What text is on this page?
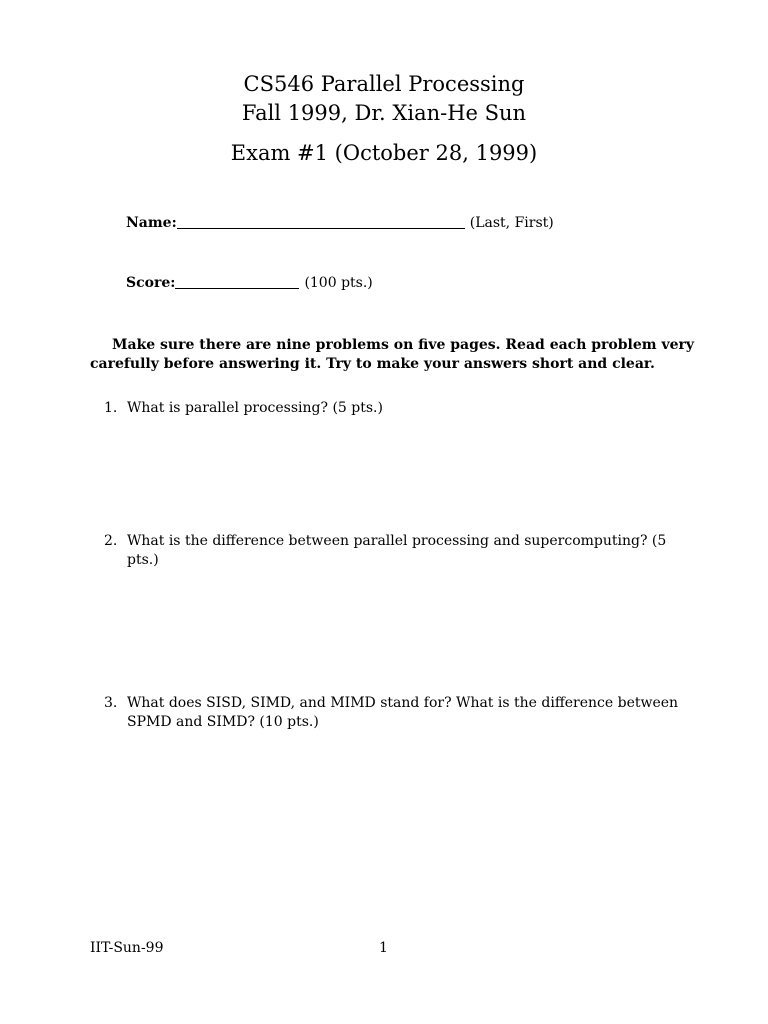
CS546 Parallel Processing
Fall 1999, Dr. Xian-He Sun
Exam #1 (October 28, 1999)
Name:	(Last, First)
Score:	(100 pts.)
Make sure there are nine problems on five pages. Read each problem very
carefully before answering it. Try to make your answers short and clear.
1. What is parallel processing? (5 pts.)
2. What is the difference between parallel processing and supercomputing? (5 pts.)
3. What does SISD, SIMD, and MIMD stand for? What is the difference between SPMD and SIMD? (10 pts.)
IIT-Sun-99	1
